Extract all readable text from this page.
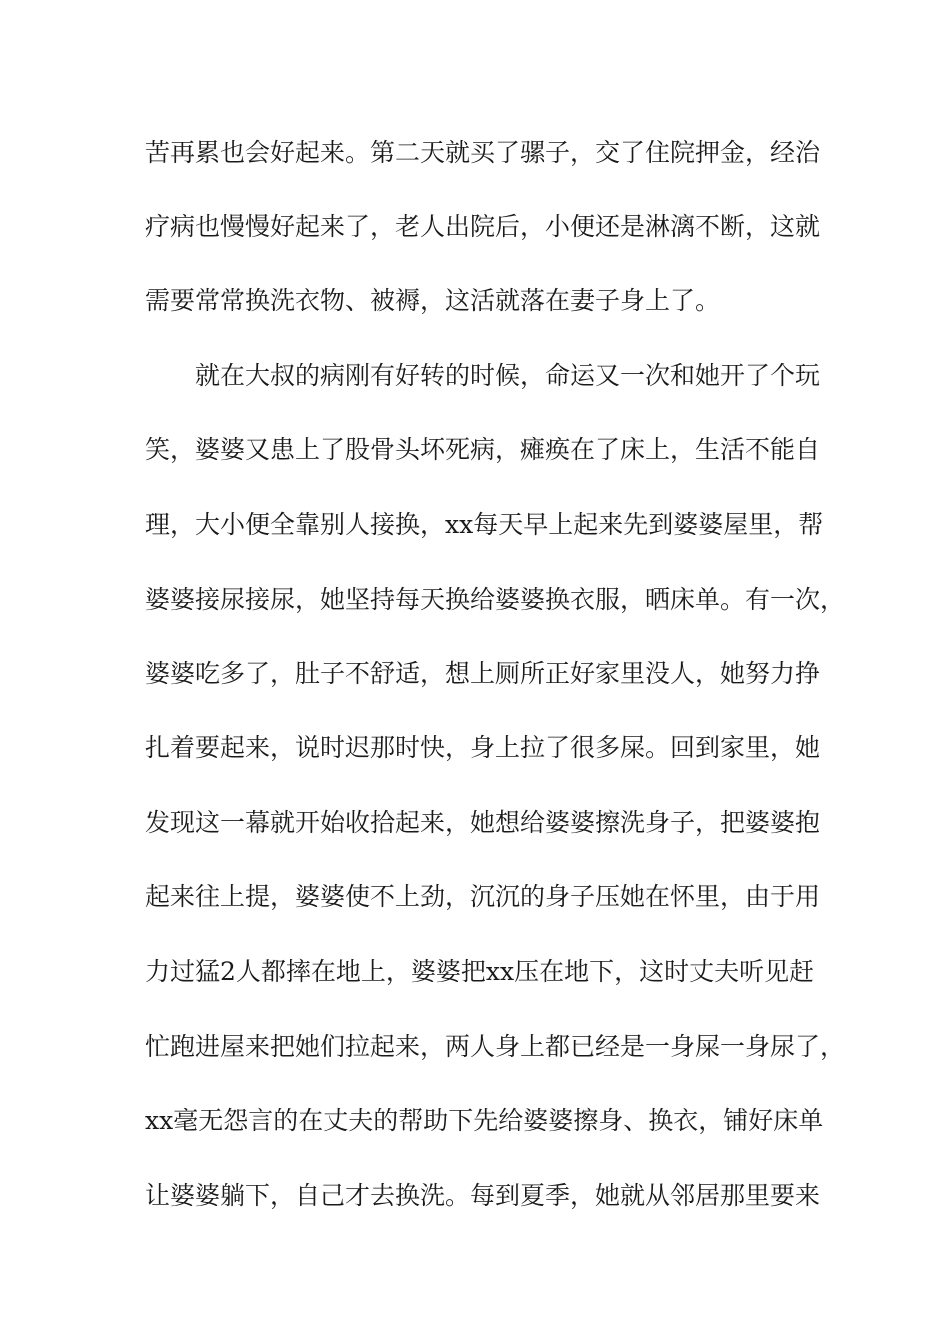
苦再累也会好起来。第二天就买了骡子，交了住院押金，经治
疗病也慢慢好起来了，老人出院后，小便还是淋漓不断，这就
需要常常换洗衣物、被褥，这活就落在妻子身上了。
就在大叔的病刚有好转的时候，命运又一次和她开了个玩
笑，婆婆又患上了股骨头坏死病，瘫痪在了床上，生活不能自
理，大小便全靠别人接换，xx每天早上起来先到婆婆屋里，帮
婆婆接尿接尿，她坚持每天换给婆婆换衣服，晒床单。有一次，
婆婆吃多了，肚子不舒适，想上厕所正好家里没人，她努力挣
扎着要起来，说时迟那时快，身上拉了很多屎。回到家里，她
发现这一幕就开始收拾起来，她想给婆婆擦洗身子，把婆婆抱
起来往上提，婆婆使不上劲，沉沉的身子压她在怀里，由于用
力过猛2人都摔在地上，婆婆把xx压在地下，这时丈夫听见赶
忙跑进屋来把她们拉起来，两人身上都已经是一身屎一身尿了，
xx毫无怨言的在丈夫的帮助下先给婆婆擦身、换衣，铺好床单
让婆婆躺下，自己才去换洗。每到夏季，她就从邻居那里要来
